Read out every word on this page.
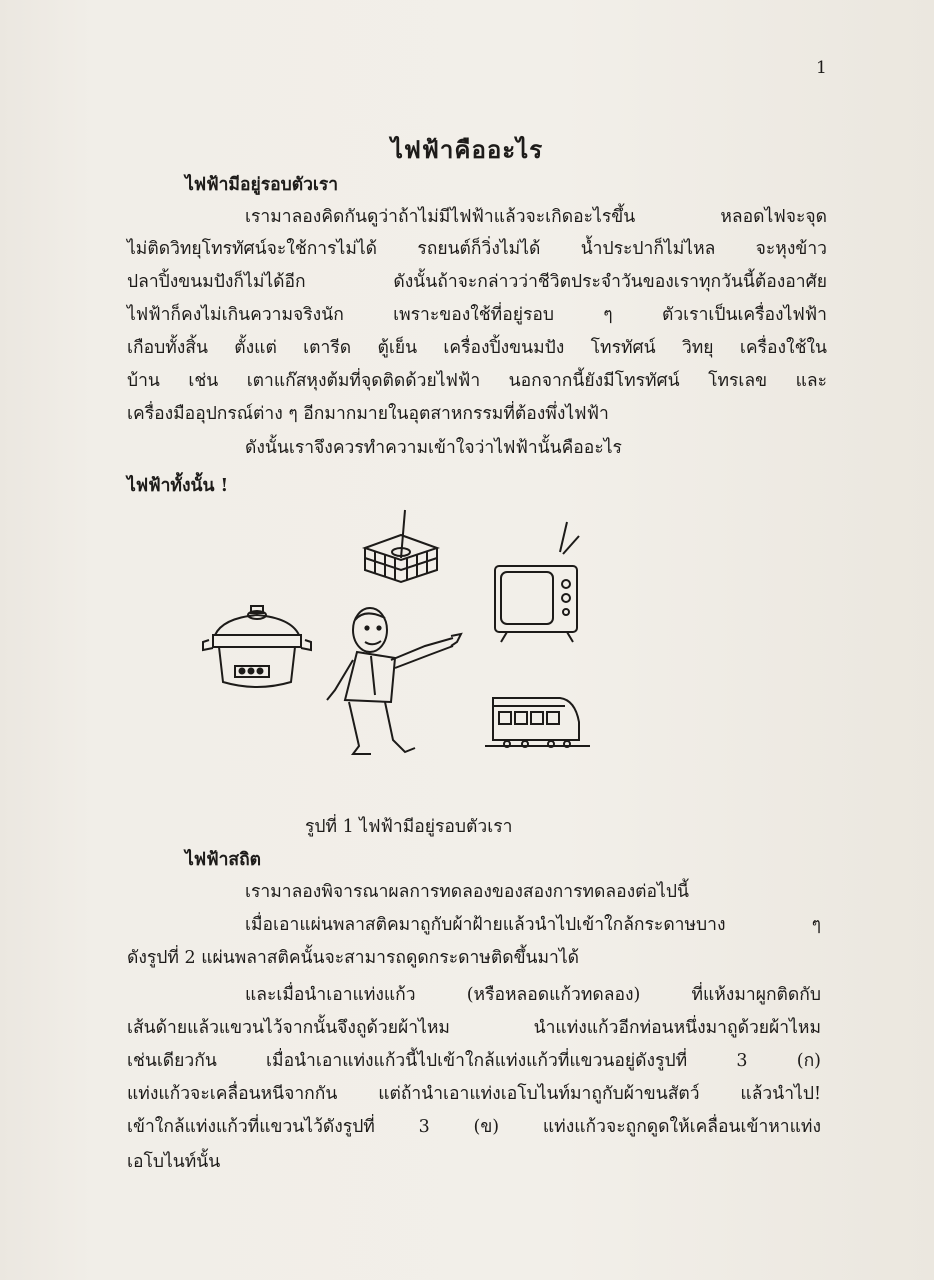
1
ไฟฟ้าคืออะไร
ไฟฟ้ามีอยู่รอบตัวเรา
เรามาลองคิดกันดูว่าถ้าไม่มีไฟฟ้าแล้วจะเกิดอะไรขึ้น หลอดไฟจะจุด
ไม่ติดวิทยุโทรทัศน์จะใช้การไม่ได้ รถยนต์ก็วิ่งไม่ได้ น้ำประปาก็ไม่ไหล จะหุงข้าว
ปลาปิ้งขนมปังก็ไม่ได้อีก ดังนั้นถ้าจะกล่าวว่าชีวิตประจำวันของเราทุกวันนี้ต้องอาศัย
ไฟฟ้าก็คงไม่เกินความจริงนัก เพราะของใช้ที่อยู่รอบ ๆ ตัวเราเป็นเครื่องไฟฟ้า
เกือบทั้งสิ้น ตั้งแต่ เตารีด ตู้เย็น เครื่องปิ้งขนมปัง โทรทัศน์ วิทยุ เครื่องใช้ใน
บ้าน เช่น เตาแก๊สหุงต้มที่จุดติดด้วยไฟฟ้า นอกจากนี้ยังมีโทรทัศน์ โทรเลข และ
เครื่องมืออุปกรณ์ต่าง ๆ อีกมากมายในอุตสาหกรรมที่ต้องพึ่งไฟฟ้า
ดังนั้นเราจึงควรทำความเข้าใจว่าไฟฟ้านั้นคืออะไร
ไฟฟ้าทั้งนั้น !
รูปที่ 1 ไฟฟ้ามีอยู่รอบตัวเรา
ไฟฟ้าสถิต
เรามาลองพิจารณาผลการทดลองของสองการทดลองต่อไปนี้
เมื่อเอาแผ่นพลาสติคมาถูกับผ้าฝ้ายแล้วนำไปเข้าใกล้กระดาษบาง ๆ
ดังรูปที่ 2 แผ่นพลาสติคนั้นจะสามารถดูดกระดาษติดขึ้นมาได้
และเมื่อนำเอาแท่งแก้ว (หรือหลอดแก้วทดลอง) ที่แห้งมาผูกติดกับ
เส้นด้ายแล้วแขวนไว้จากนั้นจึงถูด้วยผ้าไหม นำแท่งแก้วอีกท่อนหนึ่งมาถูด้วยผ้าไหม
เช่นเดียวกัน เมื่อนำเอาแท่งแก้วนี้ไปเข้าใกล้แท่งแก้วที่แขวนอยู่ดังรูปที่ 3 (ก)
แท่งแก้วจะเคลื่อนหนีจากกัน แต่ถ้านำเอาแท่งเอโบไนท์มาถูกับผ้าขนสัตว์ แล้วนำไป!
เข้าใกล้แท่งแก้วที่แขวนไว้ดังรูปที่ 3 (ข) แท่งแก้วจะถูกดูดให้เคลื่อนเข้าหาแท่ง
เอโบไนท์นั้น
